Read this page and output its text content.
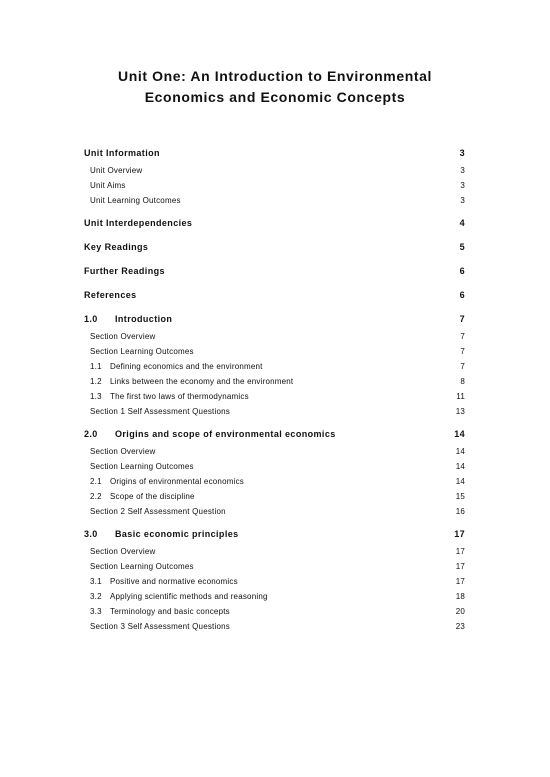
Unit One: An Introduction to Environmental
Economics and Economic Concepts
Unit Information	3
Unit Overview	3
Unit Aims	3
Unit Learning Outcomes	3
Unit Interdependencies	4
Key Readings	5
Further Readings	6
References	6
1.0 Introduction	7
Section Overview	7
Section Learning Outcomes	7
1.1 Defining economics and the environment	7
1.2 Links between the economy and the environment	8
1.3 The first two laws of thermodynamics	11
Section 1 Self Assessment Questions	13
2.0 Origins and scope of environmental economics	14
Section Overview	14
Section Learning Outcomes	14
2.1 Origins of environmental economics	14
2.2 Scope of the discipline	15
Section 2 Self Assessment Question	16
3.0 Basic economic principles	17
Section Overview	17
Section Learning Outcomes	17
3.1 Positive and normative economics	17
3.2 Applying scientific methods and reasoning	18
3.3 Terminology and basic concepts	20
Section 3 Self Assessment Questions	23
